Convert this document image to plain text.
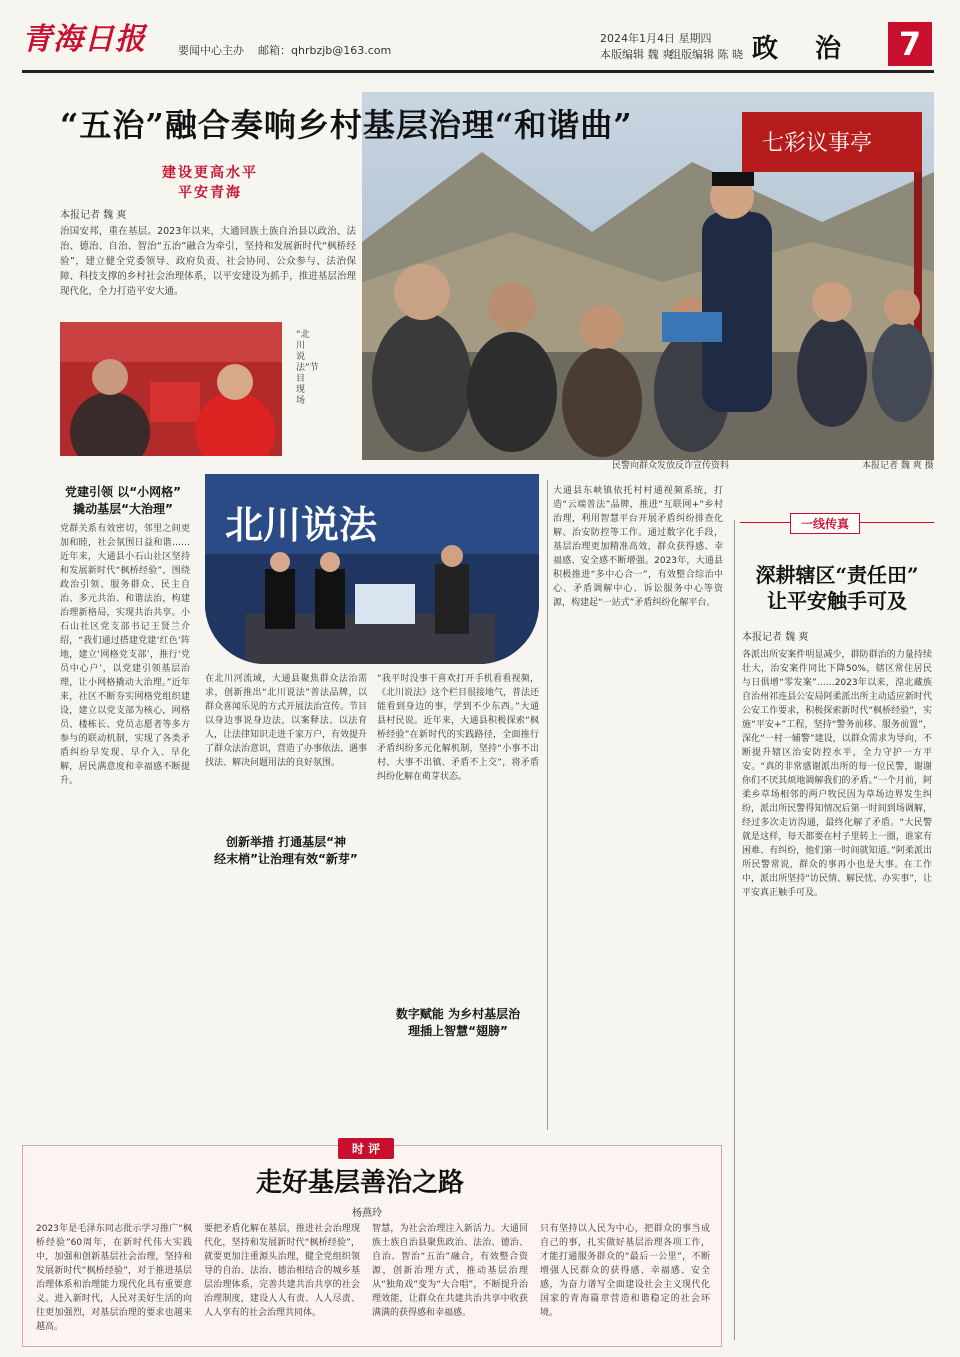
青海日报	要闻中心主办 邮箱：qhrbzjb@163.com
2024年1月4日 星期四
本版编辑 魏 爽
组版编辑 陈 晓 政 治	7
七彩议事亭
民警向群众发放反诈宣传资料	本报记者 魏 爽 摄
“五治”融合奏响乡村基层治理“和谐曲”
建设更高水平
平安青海
本报记者 魏 爽
治国安邦，重在基层。2023年以来，大通回族土族自治县以政治、法治、德治、自治、智治“五治”融合为牵引，坚持和发展新时代“枫桥经验”，建立健全党委领导、政府负责、社会协同、公众参与、法治保障、科技支撑的乡村社会治理体系，以平安建设为抓手，推进基层治理现代化，全力打造平安大通。
“北川说法”节目现场
党建引领 以“小网格”
撬动基层“大治理”
党群关系有效密切，邻里之间更加和睦，社会氛围日益和谐……近年来，大通县小石山社区坚持和发展新时代“枫桥经验”，围绕政治引领、服务群众、民主自治、多元共治、和谐法治，构建治理新格局，实现共治共享。小石山社区党支部书记王贤兰介绍，“我们通过搭建党建‘红色’阵地，建立‘网格党支部’，推行‘党员中心户’，以党建引领基层治理，让小网格撬动大治理。”近年来，社区不断夯实网格党组织建设，建立以党支部为核心，网格员、楼栋长、党员志愿者等多方参与的联动机制，实现了各类矛盾纠纷早发现、早介入、早化解，居民满意度和幸福感不断提升。
北川说法
在北川河流域，大通县聚焦群众法治需求，创新推出“北川说法”普法品牌，以群众喜闻乐见的方式开展法治宣传。节目以身边事说身边法，以案释法、以法育人，让法律知识走进千家万户，有效提升了群众法治意识，营造了办事依法、遇事找法、解决问题用法的良好氛围。
创新举措 打通基层“神
经末梢”让治理有效“新芽”
“我平时没事干喜欢打开手机看看视频，《北川说法》这个栏目很接地气，普法还能看到身边的事，学到不少东西。”大通县村民说。近年来，大通县积极探索“枫桥经验”在新时代的实践路径，全面推行矛盾纠纷多元化解机制，坚持“小事不出村、大事不出镇、矛盾不上交”，将矛盾纠纷化解在萌芽状态。
数字赋能 为乡村基层治
理插上智慧“翅膀”
大通县东峡镇依托村村通视频系统，打造“云端普法”品牌，推进“互联网+”乡村治理，利用智慧平台开展矛盾纠纷排查化解、治安防控等工作。通过数字化手段，基层治理更加精准高效，群众获得感、幸福感、安全感不断增强。2023年，大通县积极推进“多中心合一”，有效整合综治中心、矛盾调解中心、诉讼服务中心等资源，构建起“一站式”矛盾纠纷化解平台。
一线传真
深耕辖区“责任田”
让平安触手可及
本报记者 魏 爽
各派出所安案件明显减少，群防群治的力量持续壮大，治安案件同比下降50%，辖区常住居民与日俱增“零发案”……2023年以来，湟北藏族自治州祁连县公安局阿柔派出所主动适应新时代公安工作要求，积极探索新时代“枫桥经验”，实施“平安+”工程，坚持“警务前移、服务前置”，深化“一村一辅警”建设，以群众需求为导向，不断提升辖区治安防控水平，全力守护一方平安。“真的非常感谢派出所的每一位民警，谢谢你们不厌其烦地调解我们的矛盾。”一个月前，阿柔乡草场相邻的两户牧民因为草场边界发生纠纷，派出所民警得知情况后第一时间到场调解，经过多次走访沟通，最终化解了矛盾。“大民警就是这样，每天都要在村子里转上一圈，谁家有困难、有纠纷，他们第一时间就知道。”阿柔派出所民警常说，群众的事再小也是大事。在工作中，派出所坚持“访民情、解民忧、办实事”，让平安真正触手可及。
时 评
走好基层善治之路
杨燕玲
2023年是毛泽东同志批示学习推广“枫桥经验”60周年，在新时代伟大实践中，加强和创新基层社会治理，坚持和发展新时代“枫桥经验”，对于推进基层治理体系和治理能力现代化具有重要意义。进入新时代，人民对美好生活的向往更加强烈，对基层治理的要求也越来越高。
要把矛盾化解在基层，推进社会治理现代化，坚持和发展新时代“枫桥经验”，就要更加注重源头治理，健全党组织领导的自治、法治、德治相结合的城乡基层治理体系，完善共建共治共享的社会治理制度，建设人人有责、人人尽责、人人享有的社会治理共同体。
智慧，为社会治理注入新活力。大通回族土族自治县聚焦政治、法治、德治、自治、智治“五治”融合，有效整合资源，创新治理方式，推动基层治理从“独角戏”变为“大合唱”，不断提升治理效能，让群众在共建共治共享中收获满满的获得感和幸福感。
只有坚持以人民为中心，把群众的事当成自己的事，扎实做好基层治理各项工作，才能打通服务群众的“最后一公里”，不断增强人民群众的获得感、幸福感、安全感，为奋力谱写全面建设社会主义现代化国家的青海篇章营造和谐稳定的社会环境。
